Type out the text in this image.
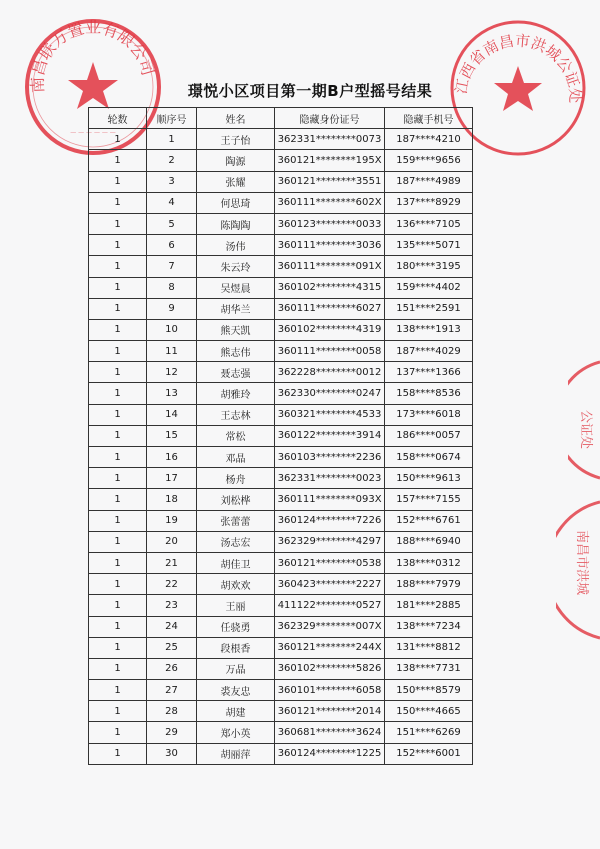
南昌联万置业有限公司
— — — — — —
江西省南昌市洪城公证处
公证处
南昌市洪城
璟悦小区项目第一期B户型摇号结果
轮数	顺序号	姓名	隐藏身份证号	隐藏手机号
1	1	王子怡	362331********0073	187****4210
1	2	陶源	360121********195X	159****9656
1	3	张耀	360121********3551	187****4989
1	4	何思琦	360111********602X	137****8929
1	5	陈陶陶	360123********0033	136****7105
1	6	汤伟	360111********3036	135****5071
1	7	朱云玲	360111********091X	180****3195
1	8	吴煜晨	360102********4315	159****4402
1	9	胡华兰	360111********6027	151****2591
1	10	熊天凯	360102********4319	138****1913
1	11	熊志伟	360111********0058	187****4029
1	12	聂志强	362228********0012	137****1366
1	13	胡雅玲	362330********0247	158****8536
1	14	王志林	360321********4533	173****6018
1	15	常松	360122********3914	186****0057
1	16	邓晶	360103********2236	158****0674
1	17	杨舟	362331********0023	150****9613
1	18	刘松桦	360111********093X	157****7155
1	19	张蕾蕾	360124********7226	152****6761
1	20	汤志宏	362329********4297	188****6940
1	21	胡佳卫	360121********0538	138****0312
1	22	胡欢欢	360423********2227	188****7979
1	23	王丽	411122********0527	181****2885
1	24	任骁勇	362329********007X	138****7234
1	25	段根香	360121********244X	131****8812
1	26	万晶	360102********5826	138****7731
1	27	裘友忠	360101********6058	150****8579
1	28	胡建	360121********2014	150****4665
1	29	郑小英	360681********3624	151****6269
1	30	胡丽萍	360124********1225	152****6001
